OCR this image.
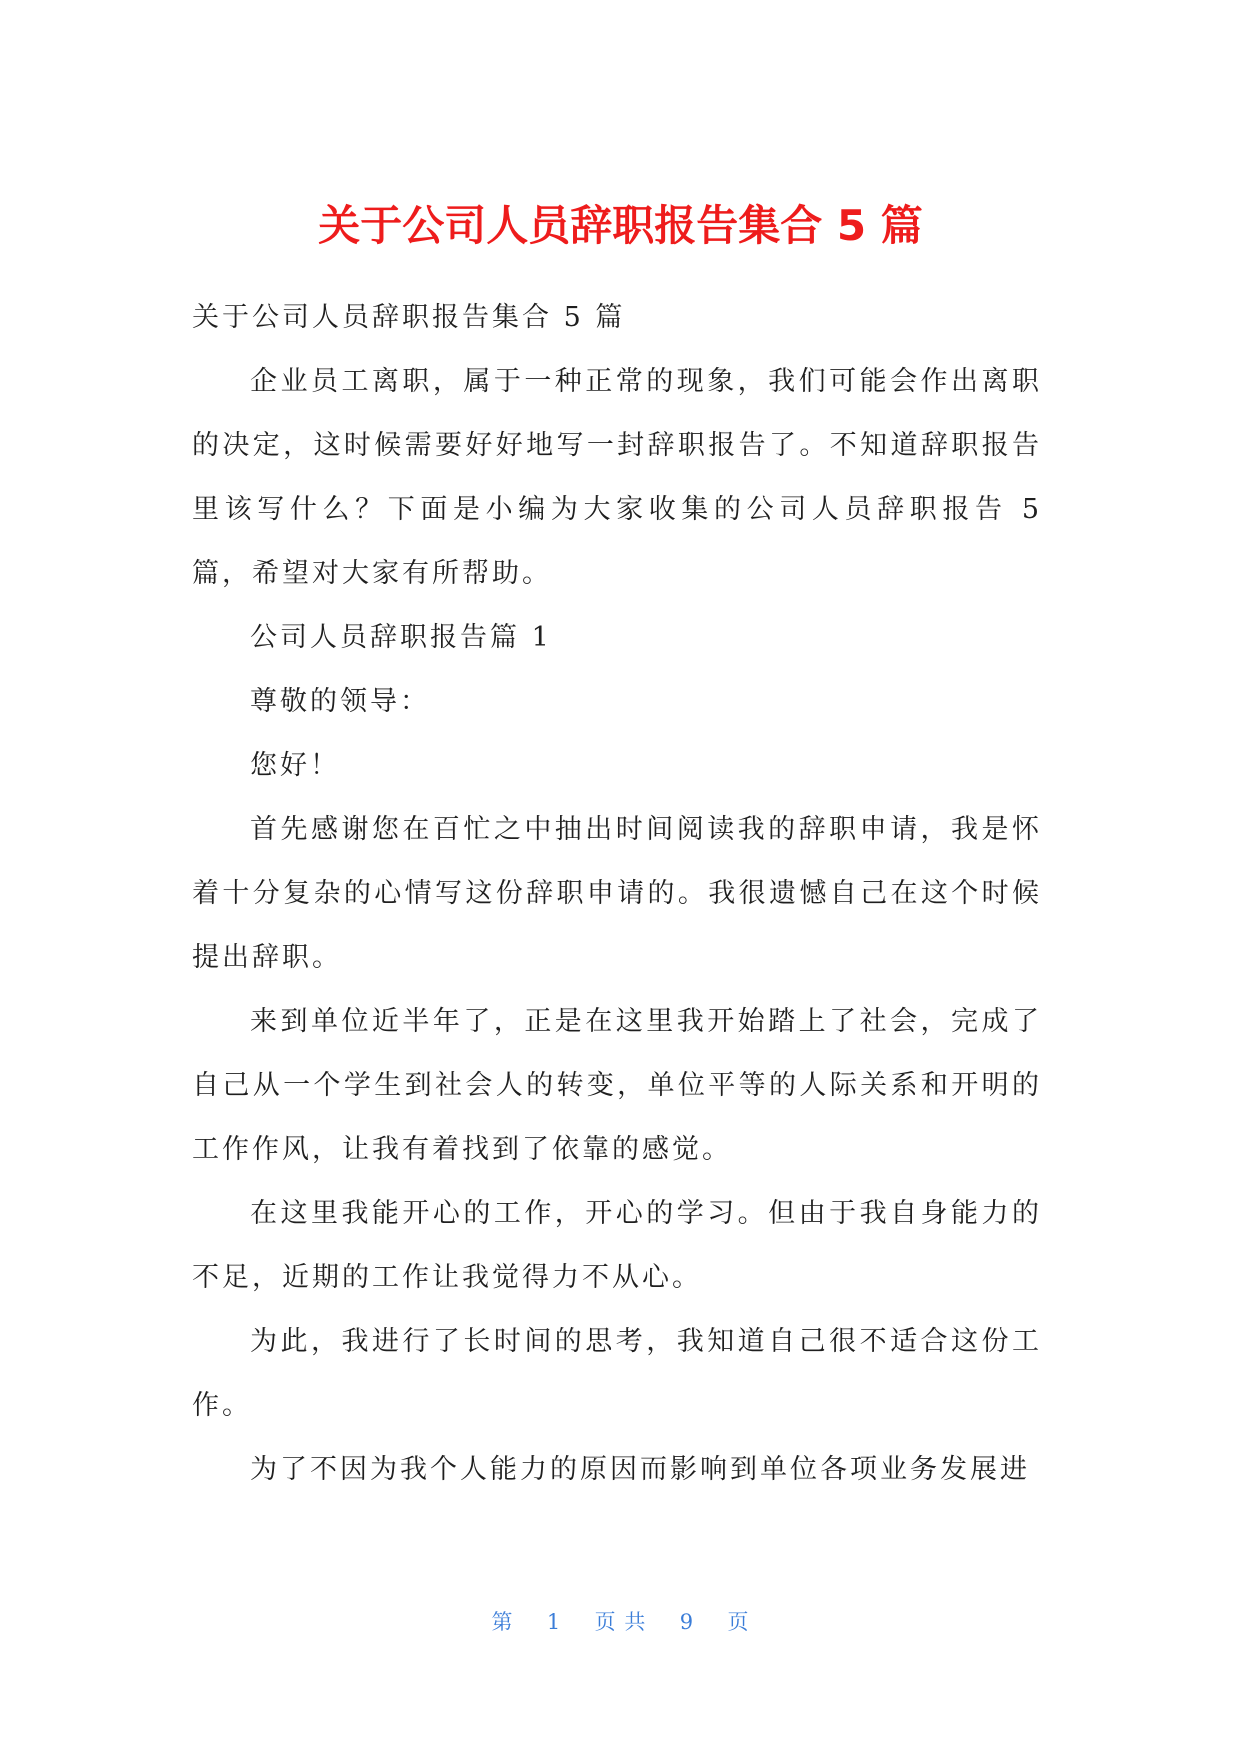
关于公司人员辞职报告集合 5 篇

关于公司人员辞职报告集合 5 篇

企业员工离职，属于一种正常的现象，我们可能会作出离职的决定，这时候需要好好地写一封辞职报告了。不知道辞职报告里该写什么？下面是小编为大家收集的公司人员辞职报告 5 篇，希望对大家有所帮助。

公司人员辞职报告篇 1

尊敬的领导：

您好！

首先感谢您在百忙之中抽出时间阅读我的辞职申请，我是怀着十分复杂的心情写这份辞职申请的。我很遗憾自己在这个时候提出辞职。

来到单位近半年了，正是在这里我开始踏上了社会，完成了自己从一个学生到社会人的转变，单位平等的人际关系和开明的工作作风，让我有着找到了依靠的感觉。

在这里我能开心的工作，开心的学习。但由于我自身能力的不足，近期的工作让我觉得力不从心。

为此，我进行了长时间的思考，我知道自己很不适合这份工作。

为了不因为我个人能力的原因而影响到单位各项业务发展进

第 1 页 共 9 页
